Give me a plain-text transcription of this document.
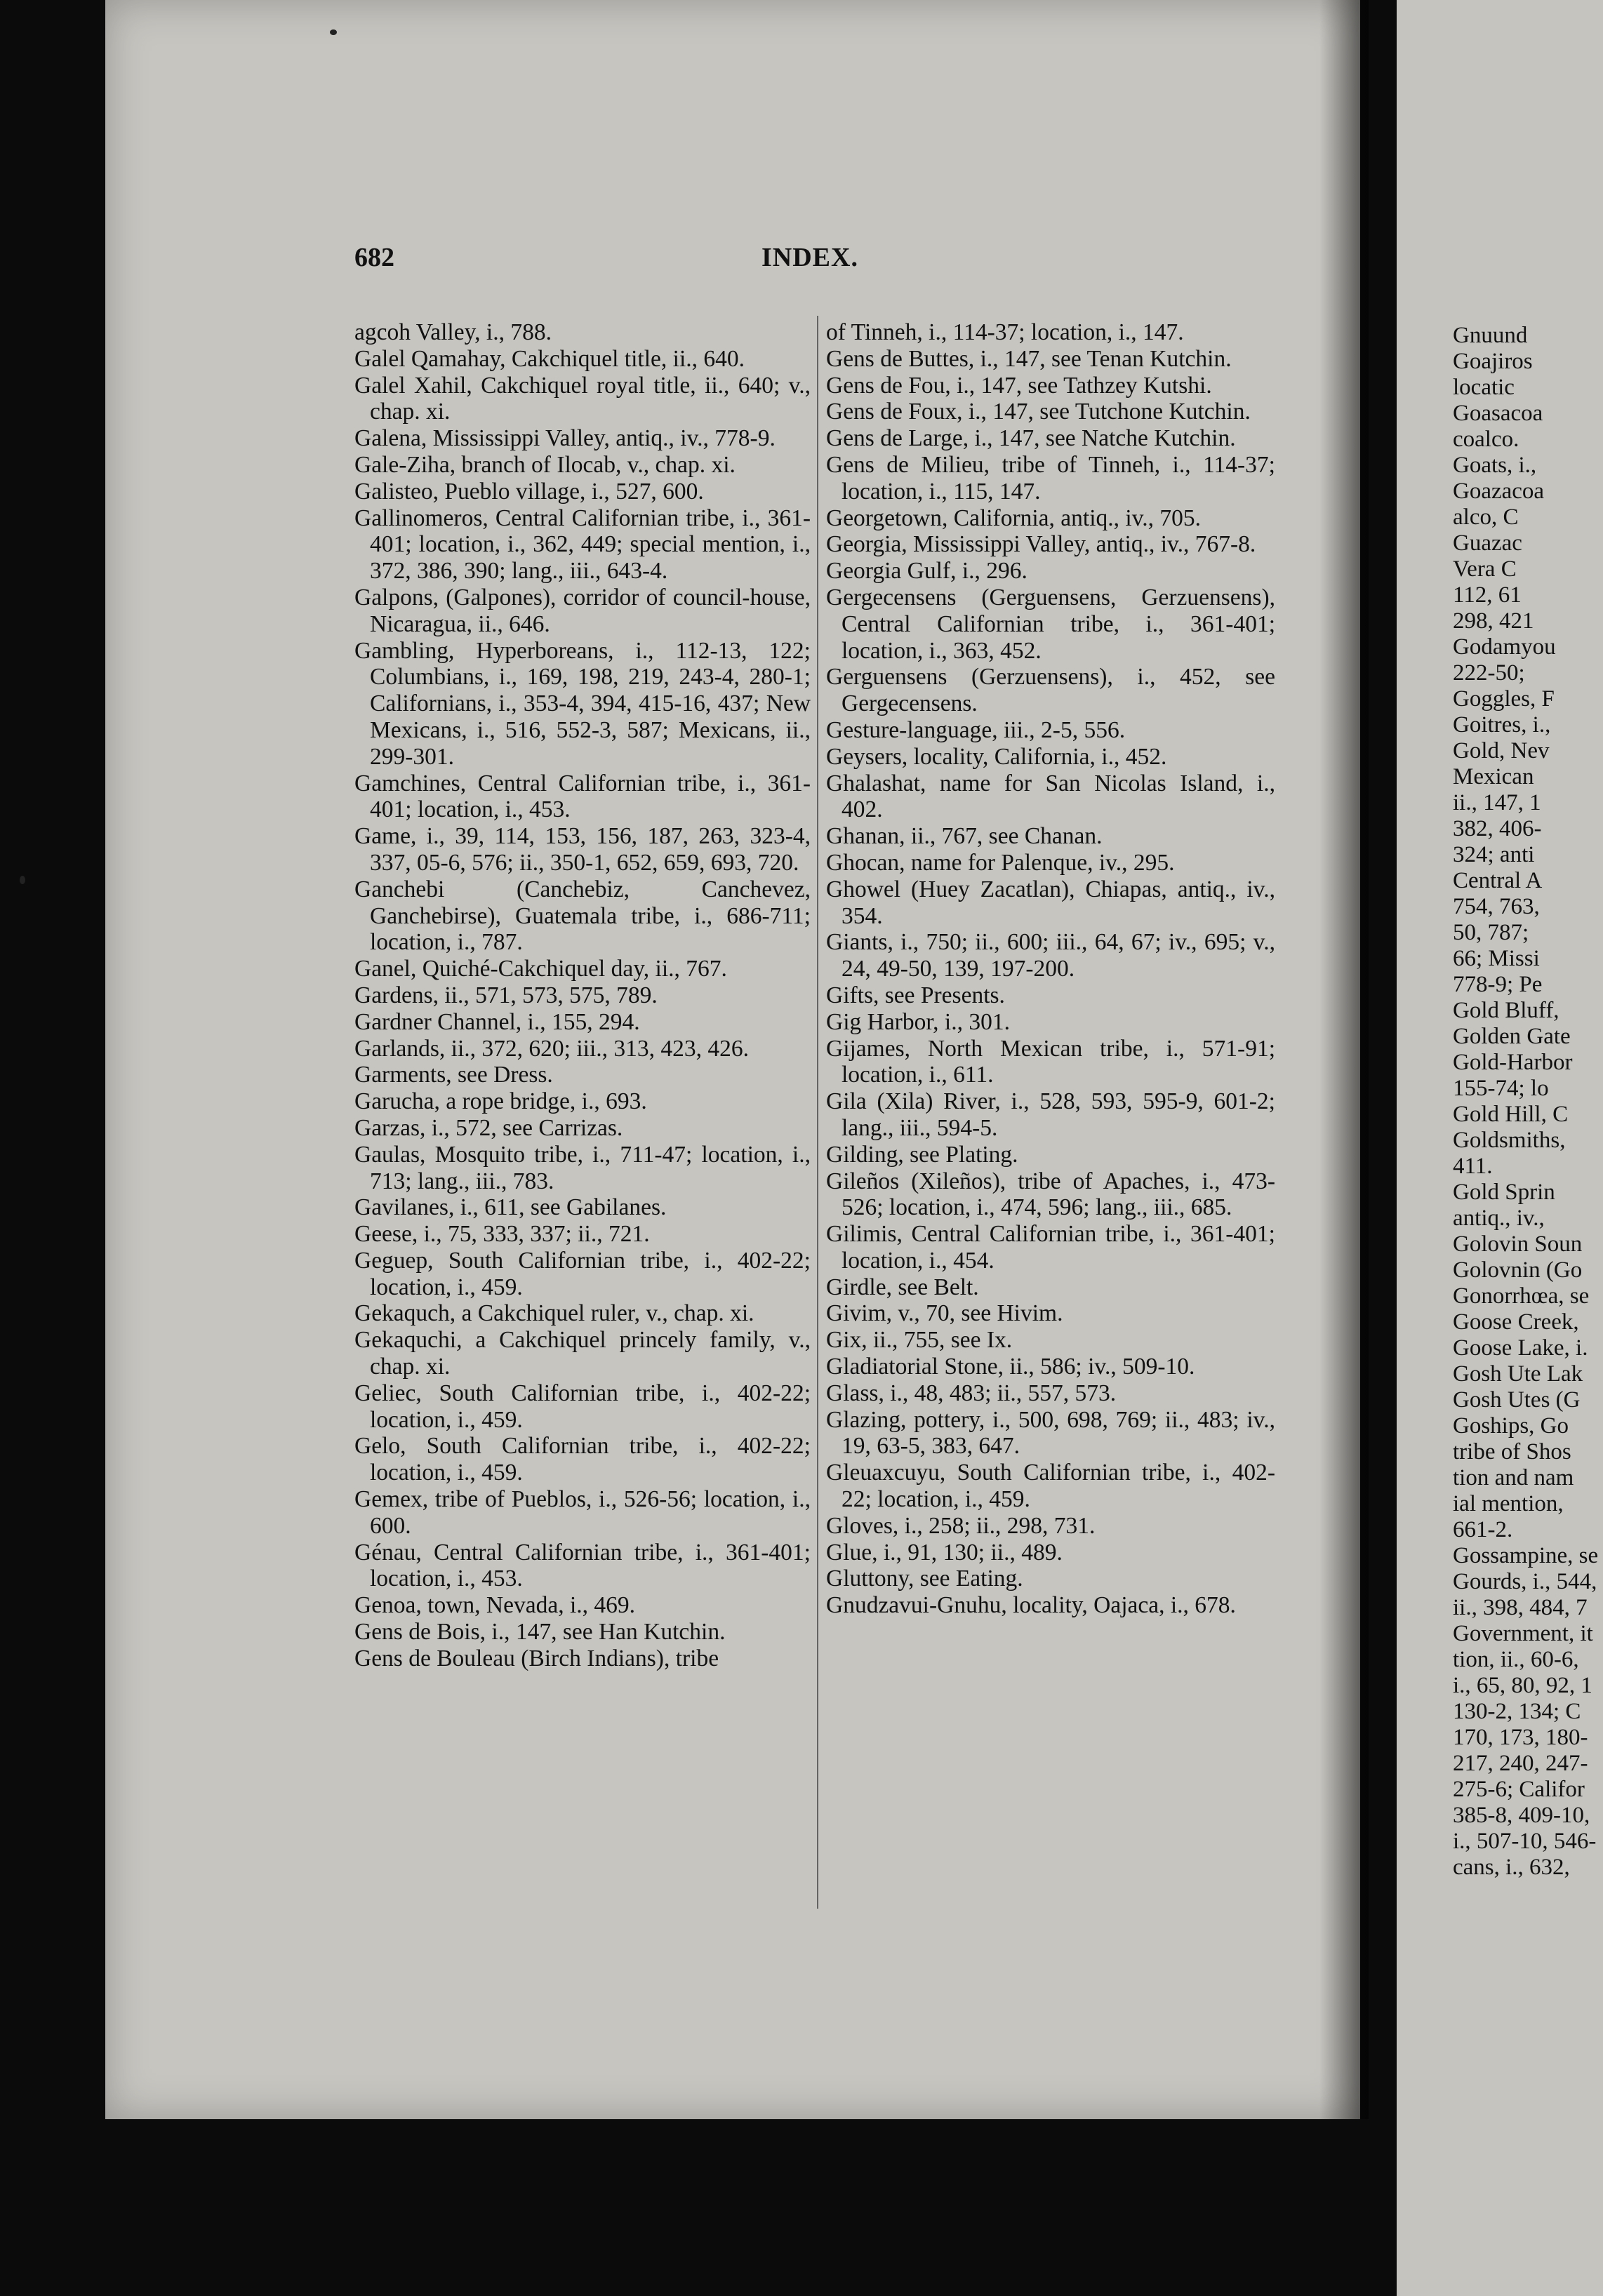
682	INDEX.

agcoh Valley, i., 788.

Galel Qamahay, Cakchiquel title, ii., 640.

Galel Xahil, Cakchiquel royal title, ii., 640; v., chap. xi.

Galena, Mississippi Valley, antiq., iv., 778-9.

Gale-Ziha, branch of Ilocab, v., chap. xi.

Galisteo, Pueblo village, i., 527, 600.

Gallinomeros, Central Californian tribe, i., 361-401; location, i., 362, 449; special mention, i., 372, 386, 390; lang., iii., 643-4.

Galpons, (Galpones), corridor of council-house, Nicaragua, ii., 646.

Gambling, Hyperboreans, i., 112-13, 122; Columbians, i., 169, 198, 219, 243-4, 280-1; Californians, i., 353-4, 394, 415-16, 437; New Mexicans, i., 516, 552-3, 587; Mexicans, ii., 299-301.

Gamchines, Central Californian tribe, i., 361-401; location, i., 453.

Game, i., 39, 114, 153, 156, 187, 263, 323-4, 337, 05-6, 576; ii., 350-1, 652, 659, 693, 720.

Ganchebi (Canchebiz, Canchevez, Ganchebirse), Guatemala tribe, i., 686-711; location, i., 787.

Ganel, Quiché-Cakchiquel day, ii., 767.

Gardens, ii., 571, 573, 575, 789.

Gardner Channel, i., 155, 294.

Garlands, ii., 372, 620; iii., 313, 423, 426.

Garments, see Dress.

Garucha, a rope bridge, i., 693.

Garzas, i., 572, see Carrizas.

Gaulas, Mosquito tribe, i., 711-47; location, i., 713; lang., iii., 783.

Gavilanes, i., 611, see Gabilanes.

Geese, i., 75, 333, 337; ii., 721.

Geguep, South Californian tribe, i., 402-22; location, i., 459.

Gekaquch, a Cakchiquel ruler, v., chap. xi.

Gekaquchi, a Cakchiquel princely family, v., chap. xi.

Geliec, South Californian tribe, i., 402-22; location, i., 459.

Gelo, South Californian tribe, i., 402-22; location, i., 459.

Gemex, tribe of Pueblos, i., 526-56; location, i., 600.

Génau, Central Californian tribe, i., 361-401; location, i., 453.

Genoa, town, Nevada, i., 469.

Gens de Bois, i., 147, see Han Kutchin.

Gens de Bouleau (Birch Indians), tribe

of Tinneh, i., 114-37; location, i., 147.

Gens de Buttes, i., 147, see Tenan Kutchin.

Gens de Fou, i., 147, see Tathzey Kutshi.

Gens de Foux, i., 147, see Tutchone Kutchin.

Gens de Large, i., 147, see Natche Kutchin.

Gens de Milieu, tribe of Tinneh, i., 114-37; location, i., 115, 147.

Georgetown, California, antiq., iv., 705.

Georgia, Mississippi Valley, antiq., iv., 767-8.

Georgia Gulf, i., 296.

Gergecensens (Gerguensens, Gerzuensens), Central Californian tribe, i., 361-401; location, i., 363, 452.

Gerguensens (Gerzuensens), i., 452, see Gergecensens.

Gesture-language, iii., 2-5, 556.

Geysers, locality, California, i., 452.

Ghalashat, name for San Nicolas Island, i., 402.

Ghanan, ii., 767, see Chanan.

Ghocan, name for Palenque, iv., 295.

Ghowel (Huey Zacatlan), Chiapas, antiq., iv., 354.

Giants, i., 750; ii., 600; iii., 64, 67; iv., 695; v., 24, 49-50, 139, 197-200.

Gifts, see Presents.

Gig Harbor, i., 301.

Gijames, North Mexican tribe, i., 571-91; location, i., 611.

Gila (Xila) River, i., 528, 593, 595-9, 601-2; lang., iii., 594-5.

Gilding, see Plating.

Gileños (Xileños), tribe of Apaches, i., 473-526; location, i., 474, 596; lang., iii., 685.

Gilimis, Central Californian tribe, i., 361-401; location, i., 454.

Girdle, see Belt.

Givim, v., 70, see Hivim.

Gix, ii., 755, see Ix.

Gladiatorial Stone, ii., 586; iv., 509-10.

Glass, i., 48, 483; ii., 557, 573.

Glazing, pottery, i., 500, 698, 769; ii., 483; iv., 19, 63-5, 383, 647.

Gleuaxcuyu, South Californian tribe, i., 402-22; location, i., 459.

Gloves, i., 258; ii., 298, 731.

Glue, i., 91, 130; ii., 489.

Gluttony, see Eating.

Gnudzavui-Gnuhu, locality, Oajaca, i., 678.

Gnuund

Goajiros

locatic

Goasacoa

coalco.

Goats, i.,

Goazacoa

alco, C

Guazac

Vera C

112, 61

298, 421

Godamyou

222-50;

Goggles, F

Goitres, i.,

Gold, Nev

Mexican

ii., 147, 1

382, 406-

324; anti

Central A

754, 763,

50, 787;

66; Missi

778-9; Pe

Gold Bluff,

Golden Gate

Gold-Harbor

155-74; lo

Gold Hill, C

Goldsmiths,

411.

Gold Sprin

antiq., iv.,

Golovin Soun

Golovnin (Go

Gonorrhœa, se

Goose Creek,

Goose Lake, i.

Gosh Ute Lak

Gosh Utes (G

Goships, Go

tribe of Shos

tion and nam

ial mention,

661-2.

Gossampine, se

Gourds, i., 544,

ii., 398, 484, 7

Government, it

tion, ii., 60-6,

i., 65, 80, 92, 1

130-2, 134; C

170, 173, 180-

217, 240, 247-

275-6; Califor

385-8, 409-10,

i., 507-10, 546-

cans, i., 632,
